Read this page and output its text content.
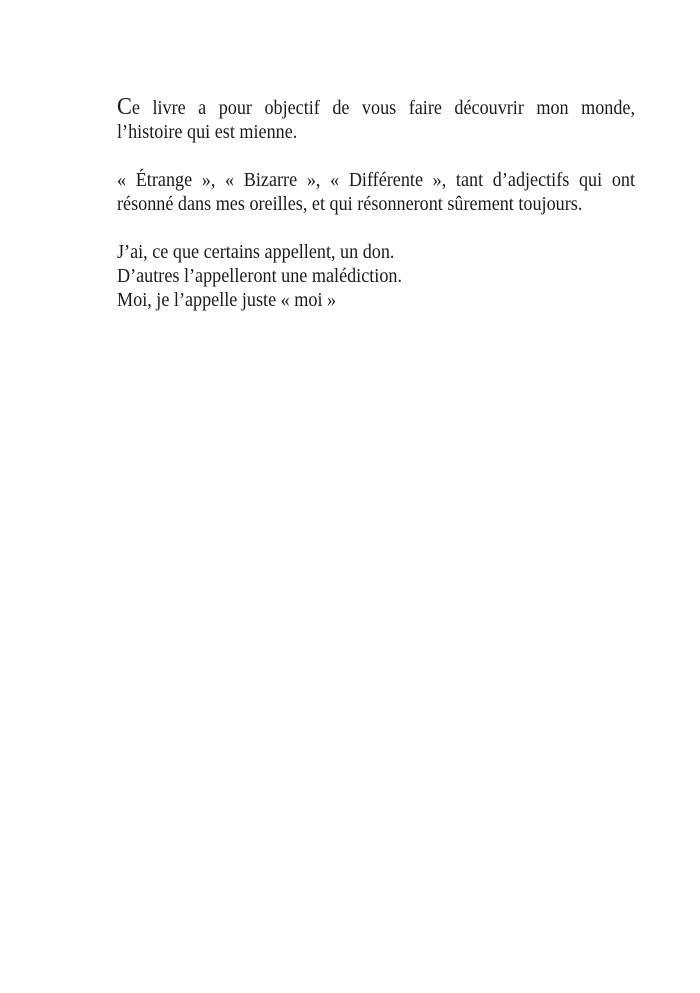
Ce livre a pour objectif de vous faire découvrir mon monde,
l’histoire qui est mienne.
« Étrange », « Bizarre », « Différente », tant d’adjectifs qui ont
résonné dans mes oreilles, et qui résonneront sûrement toujours.
J’ai, ce que certains appellent, un don.
D’autres l’appelleront une malédiction.
Moi, je l’appelle juste « moi »
